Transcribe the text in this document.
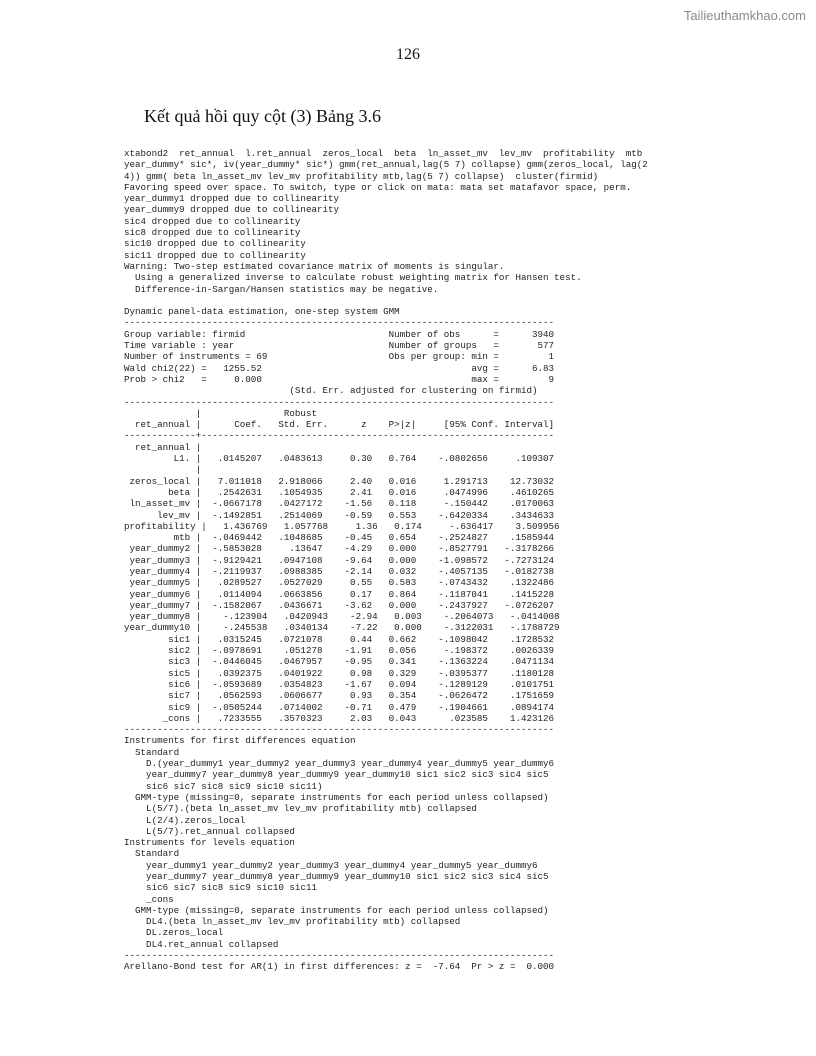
Tailieuthamkhao.com
126
Kết quả hồi quy cột (3) Bảng 3.6
xtabond2  ret_annual  l.ret_annual  zeros_local  beta  ln_asset_mv  lev_mv  profitability  mtb
year_dummy* sic*, iv(year_dummy* sic*) gmm(ret_annual,lag(5 7) collapse) gmm(zeros_local, lag(2
4)) gmm( beta ln_asset_mv lev_mv profitability mtb,lag(5 7) collapse)  cluster(firmid)
Favoring speed over space. To switch, type or click on mata: mata set matafavor space, perm.
year_dummy1 dropped due to collinearity
year_dummy9 dropped due to collinearity
sic4 dropped due to collinearity
sic8 dropped due to collinearity
sic10 dropped due to collinearity
sic11 dropped due to collinearity
Warning: Two-step estimated covariance matrix of moments is singular.
Using a generalized inverse to calculate robust weighting matrix for Hansen test.
Difference-in-Sargan/Hansen statistics may be negative.

Dynamic panel-data estimation, one-step system GMM
------------------------------------------------------------------------------
Group variable: firmid                          Number of obs      =      3940
Time variable : year                            Number of groups   =       577
Number of instruments = 69                      Obs per group: min =         1
Wald chi2(22) =   1255.52                                      avg =      6.83
Prob > chi2   =     0.000                                      max =         9
(Std. Err. adjusted for clustering on firmid)
------------------------------------------------------------------------------
|               Robust
ret_annual |      Coef.   Std. Err.      z    P>|z|     [95% Conf. Interval]
-------------+----------------------------------------------------------------
ret_annual |
L1. |   .0145207   .0483613     0.30   0.764    -.0802656     .109307
|
zeros_local |   7.011018   2.918066     2.40   0.016     1.291713    12.73032
beta |   .2542631   .1054935     2.41   0.016     .0474996    .4610265
ln_asset_mv |  -.0667178   .0427172    -1.56   0.118     -.150442    .0170063
lev_mv |  -.1492851   .2514069    -0.59   0.553    -.6420334    .3434633
profitability |   1.436769   1.057768     1.36   0.174     -.636417    3.509956
mtb |  -.0469442   .1048685    -0.45   0.654    -.2524827    .1585944
year_dummy2 |  -.5853028     .13647    -4.29   0.000    -.8527791   -.3178266
year_dummy3 |  -.9129421   .0947108    -9.64   0.000    -1.098572   -.7273124
year_dummy4 |  -.2119937   .0988385    -2.14   0.032    -.4057135   -.0182738
year_dummy5 |   .0289527   .0527029     0.55   0.583    -.0743432    .1322486
year_dummy6 |   .0114094   .0663856     0.17   0.864    -.1187041    .1415228
year_dummy7 |  -.1582067   .0436671    -3.62   0.000    -.2437927   -.0726207
year_dummy8 |    -.123904   .0420943    -2.94   0.003    -.2064073   -.0414008
year_dummy10 |    -.245538   .0340134    -7.22   0.000    -.3122031   -.1788729
sic1 |   .0315245   .0721078     0.44   0.662    -.1098042    .1728532
sic2 |  -.0978691    .051278    -1.91   0.056     -.198372    .0026339
sic3 |  -.0446045   .0467957    -0.95   0.341    -.1363224    .0471134
sic5 |   .0392375   .0401922     0.98   0.329    -.0395377    .1180128
sic6 |  -.0593689   .0354823    -1.67   0.094    -.1289129    .0101751
sic7 |   .0562593   .0606677     0.93   0.354    -.0626472    .1751659
sic9 |  -.0505244   .0714002    -0.71   0.479    -.1904661    .0894174
_cons |   .7233555   .3570323     2.03   0.043      .023585    1.423126
------------------------------------------------------------------------------
Instruments for first differences equation
Standard
D.(year_dummy1 year_dummy2 year_dummy3 year_dummy4 year_dummy5 year_dummy6
year_dummy7 year_dummy8 year_dummy9 year_dummy10 sic1 sic2 sic3 sic4 sic5
sic6 sic7 sic8 sic9 sic10 sic11)
GMM-type (missing=0, separate instruments for each period unless collapsed)
L(5/7).(beta ln_asset_mv lev_mv profitability mtb) collapsed
L(2/4).zeros_local
L(5/7).ret_annual collapsed
Instruments for levels equation
Standard
year_dummy1 year_dummy2 year_dummy3 year_dummy4 year_dummy5 year_dummy6
year_dummy7 year_dummy8 year_dummy9 year_dummy10 sic1 sic2 sic3 sic4 sic5
sic6 sic7 sic8 sic9 sic10 sic11
_cons
GMM-type (missing=0, separate instruments for each period unless collapsed)
DL4.(beta ln_asset_mv lev_mv profitability mtb) collapsed
DL.zeros_local
DL4.ret_annual collapsed
------------------------------------------------------------------------------
Arellano-Bond test for AR(1) in first differences: z =  -7.64  Pr > z =  0.000
